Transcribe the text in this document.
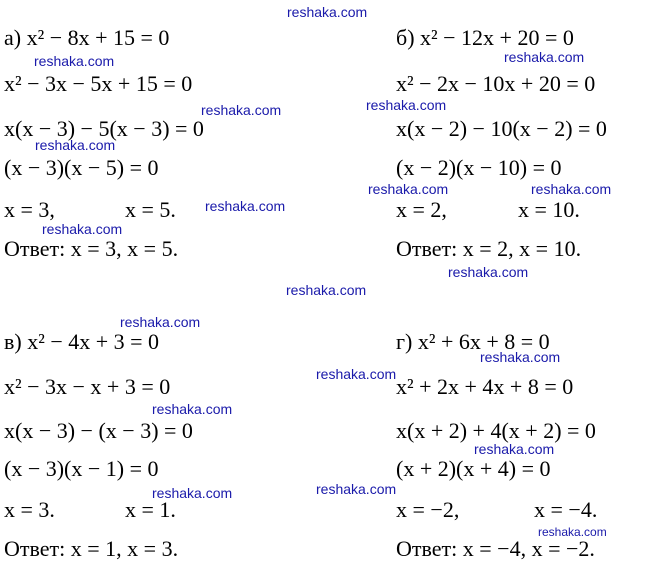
reshaka.com
reshaka.com	reshaka.com
reshaka.com	reshaka.com
reshaka.com
reshaka.com	reshaka.com
reshaka.com
reshaka.com
reshaka.com
reshaka.com
reshaka.com
reshaka.com
reshaka.com
reshaka.com
reshaka.com
reshaka.com
reshaka.com
reshaka.com
а) x² − 8x + 15 = 0
x² − 3x − 5x + 15 = 0
x(x − 3) − 5(x − 3) = 0
(x − 3)(x − 5) = 0
x = 3,	x = 5.
Ответ: x = 3, x = 5.
б) x² − 12x + 20 = 0
x² − 2x − 10x + 20 = 0
x(x − 2) − 10(x − 2) = 0
(x − 2)(x − 10) = 0
x = 2,	x = 10.
Ответ: x = 2, x = 10.
в) x² − 4x + 3 = 0
x² − 3x − x + 3 = 0
x(x − 3) − (x − 3) = 0
(x − 3)(x − 1) = 0
x = 3.	x = 1.
Ответ: x = 1, x = 3.
г) x² + 6x + 8 = 0
x² + 2x + 4x + 8 = 0
x(x + 2) + 4(x + 2) = 0
(x + 2)(x + 4) = 0
x = −2,	x = −4.
Ответ: x = −4, x = −2.
